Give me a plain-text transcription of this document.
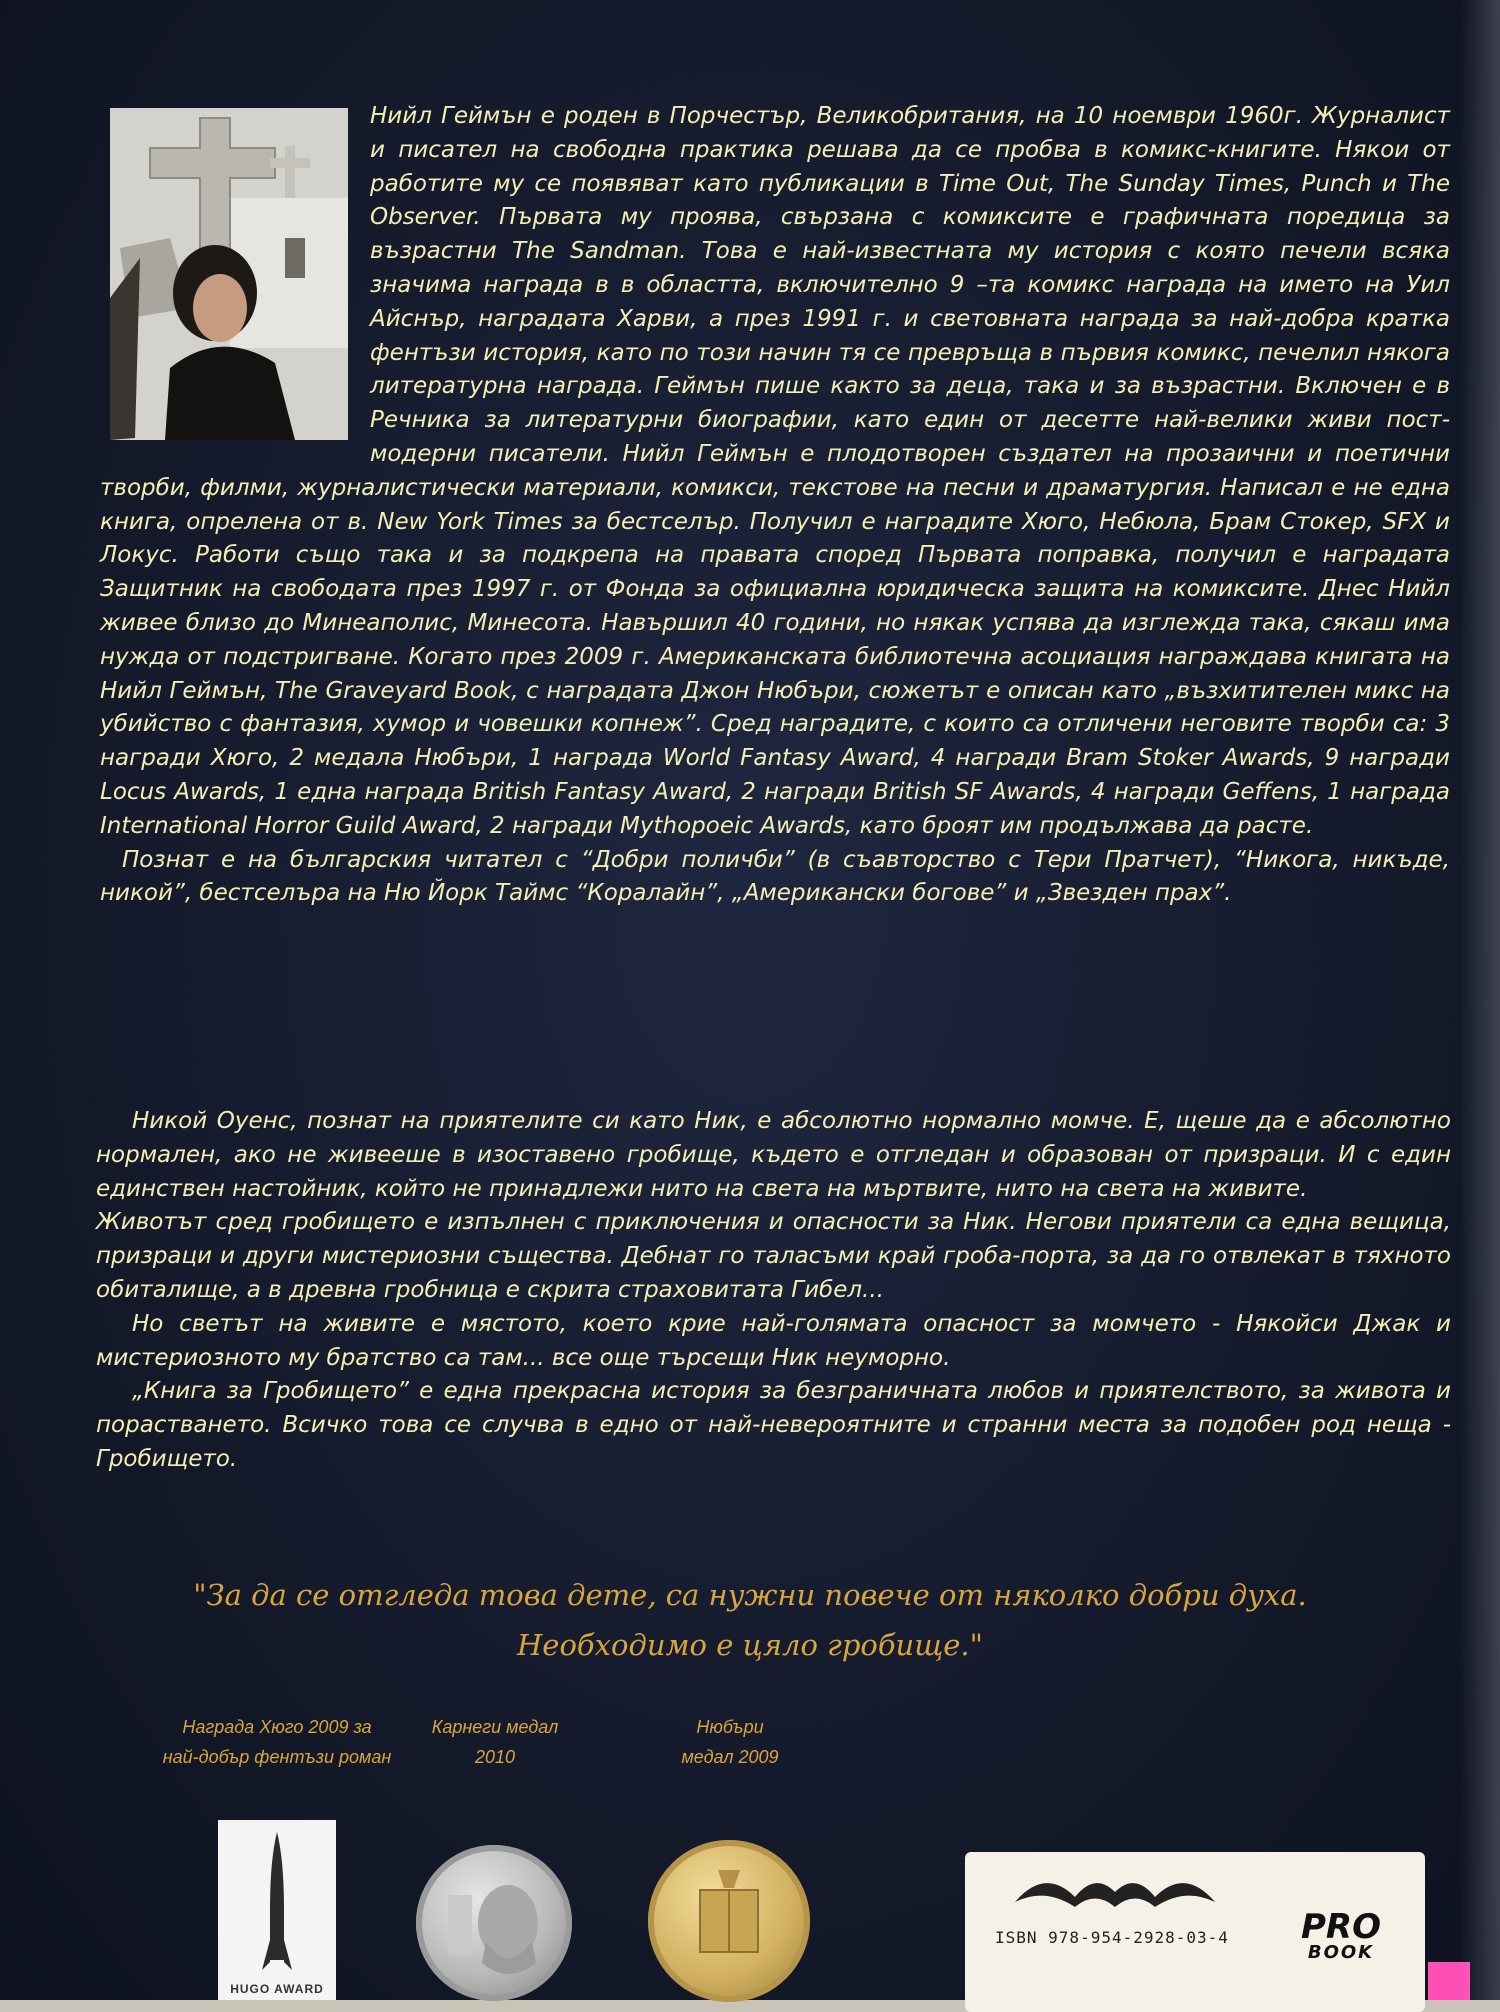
Нийл Геймън е роден в Порчестър, Великобритания, на 10 ноември 1960г. Журналист и писател на свободна практика решава да се пробва в комикс-книгите. Някои от работите му се появяват като публикации в Time Out, The Sunday Times, Punch и The Observer. Първата му проява, свързана с комиксите е графичната поредица за възрастни The Sandman. Това е най-известната му история с която печели всяка значима награда в в областта, включително 9 –та комикс награда на името на Уил Айснър, наградата Харви, а през 1991 г. и световната награда за най-добра кратка фентъзи история, като по този начин тя се превръща в първия комикс, печелил някога литературна награда. Геймън пише както за деца, така и за възрастни. Включен е в Речника за литературни биографии, като един от десетте най-велики живи пост-модерни писатели. Нийл Геймън е плодотворен създател на прозаични и поетични творби, филми, журналистически материали, комикси, текстове на песни и драматургия. Написал е не една книга, опрелена от в. New York Times за бестселър. Получил е наградите Хюго, Небюла, Брам Стокер, SFX и Локус. Работи също така и за подкрепа на правата според Първата поправка, получил е наградата Защитник на свободата през 1997 г. от Фонда за официална юридическа защита на комиксите. Днес Нийл живее близо до Минеаполис, Минесота. Навършил 40 години, но някак успява да изглежда така, сякаш има нужда от подстригване. Когато през 2009 г. Американската библиотечна асоциация награждава книгата на Нийл Геймън, The Graveyard Book, с наградата Джон Нюбъри, сюжетът е описан като „възхитителен микс на убийство с фантазия, хумор и човешки копнеж”. Сред наградите, с които са отличени неговите творби са: 3 награди Хюго, 2 медала Нюбъри, 1 награда World Fantasy Award, 4 награди Bram Stoker Awards, 9 награди Locus Awards, 1 една награда British Fantasy Award, 2 награди British SF Awards, 4 награди Geffens, 1 награда International Horror Guild Award, 2 награди Mythopoeic Awards, като броят им продължава да расте.

Познат е на българския читател с “Добри поличби” (в съавторство с Тери Пратчет), “Никога, никъде, никой”, бестселъра на Ню Йорк Таймс “Коралайн”, „Американски богове” и „Звезден прах”.

Никой Оуенс, познат на приятелите си като Ник, е абсолютно нормално момче. Е, щеше да е абсолютно нормален, ако не живееше в изоставено гробище, където е отгледан и образован от призраци. И с един единствен настойник, който не принадлежи нито на света на мъртвите, нито на света на живите.

Животът сред гробището е изпълнен с приключения и опасности за Ник. Негови приятели са една вещица, призраци и други мистериозни същества. Дебнат го таласъми край гроба-порта, за да го отвлекат в тяхното обиталище, а в древна гробница е скрита страховитата Гибел...

Но светът на живите е мястото, което крие най-голямата опасност за момчето - Някойси Джак и мистериозното му братство са там... все още търсещи Ник неуморно.

„Книга за Гробището” е една прекрасна история за безграничната любов и приятелството, за живота и порастването. Всичко това се случва в едно от най-невероятните и странни места за подобен род неща - Гробището.

"За да се отгледа това дете, са нужни повече от няколко добри духа.
Необходимо е цяло гробище."
Награда Хюго 2009 за най-добър фентъзи роман
Карнеги медал 2010
Нюбъри медал 2009
HUGO AWARD
ISBN 978-954-2928-03-4	PRO
BOOK
